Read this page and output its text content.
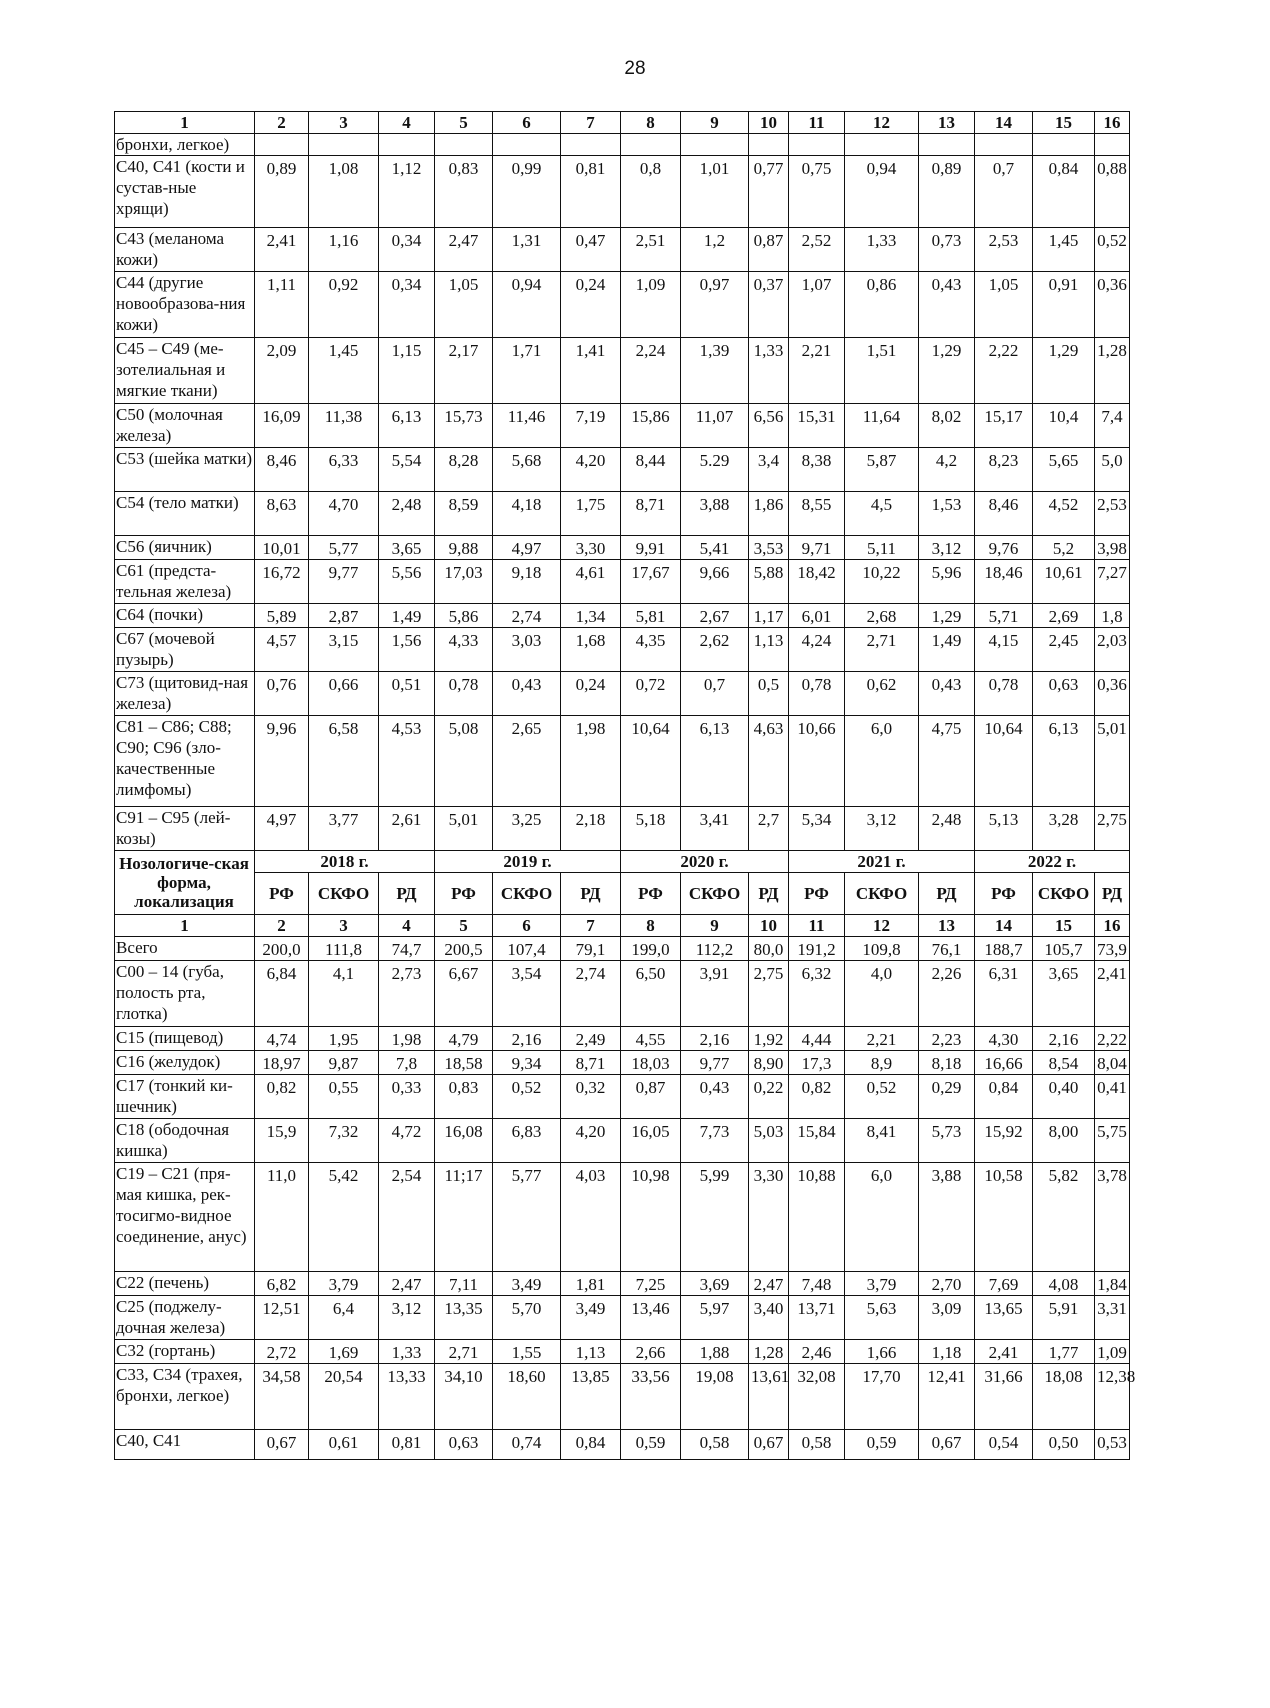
28
1	2	3	4	5	6	7	8	9	10	11	12	13	14	15	16
бронхи, легкое)															
С40, С41 (кости и сустав-ные хрящи)	0,89	1,08	1,12	0,83	0,99	0,81	0,8	1,01	0,77	0,75	0,94	0,89	0,7	0,84	0,88
С43 (меланома кожи)	2,41	1,16	0,34	2,47	1,31	0,47	2,51	1,2	0,87	2,52	1,33	0,73	2,53	1,45	0,52
С44 (другие новообразова-ния кожи)	1,11	0,92	0,34	1,05	0,94	0,24	1,09	0,97	0,37	1,07	0,86	0,43	1,05	0,91	0,36
С45 – С49 (ме-зотелиальная и мягкие ткани)	2,09	1,45	1,15	2,17	1,71	1,41	2,24	1,39	1,33	2,21	1,51	1,29	2,22	1,29	1,28
С50 (молочная железа)	16,09	11,38	6,13	15,73	11,46	7,19	15,86	11,07	6,56	15,31	11,64	8,02	15,17	10,4	7,4
С53 (шейка матки)	8,46	6,33	5,54	8,28	5,68	4,20	8,44	5.29	3,4	8,38	5,87	4,2	8,23	5,65	5,0
С54 (тело матки)	8,63	4,70	2,48	8,59	4,18	1,75	8,71	3,88	1,86	8,55	4,5	1,53	8,46	4,52	2,53
С56 (яичник)	10,01	5,77	3,65	9,88	4,97	3,30	9,91	5,41	3,53	9,71	5,11	3,12	9,76	5,2	3,98
С61 (предста-тельная железа)	16,72	9,77	5,56	17,03	9,18	4,61	17,67	9,66	5,88	18,42	10,22	5,96	18,46	10,61	7,27
С64 (почки)	5,89	2,87	1,49	5,86	2,74	1,34	5,81	2,67	1,17	6,01	2,68	1,29	5,71	2,69	1,8
С67 (мочевой пузырь)	4,57	3,15	1,56	4,33	3,03	1,68	4,35	2,62	1,13	4,24	2,71	1,49	4,15	2,45	2,03
С73 (щитовид-ная железа)	0,76	0,66	0,51	0,78	0,43	0,24	0,72	0,7	0,5	0,78	0,62	0,43	0,78	0,63	0,36
С81 – С86; С88; С90; С96 (зло-качественные лимфомы)	9,96	6,58	4,53	5,08	2,65	1,98	10,64	6,13	4,63	10,66	6,0	4,75	10,64	6,13	5,01
С91 – С95 (лей-козы)	4,97	3,77	2,61	5,01	3,25	2,18	5,18	3,41	2,7	5,34	3,12	2,48	5,13	3,28	2,75
Нозологиче-ская форма, локализация	2018 г.			2019 г.			2020 г.			2021 г.			2022 г.		
	РФ	СКФО	РД	РФ	СКФО	РД	РФ	СКФО	РД	РФ	СКФО	РД	РФ	СКФО	РД
1	2	3	4	5	6	7	8	9	10	11	12	13	14	15	16
Всего	200,0	111,8	74,7	200,5	107,4	79,1	199,0	112,2	80,0	191,2	109,8	76,1	188,7	105,7	73,9
С00 – 14 (губа, полость рта, глотка)	6,84	4,1	2,73	6,67	3,54	2,74	6,50	3,91	2,75	6,32	4,0	2,26	6,31	3,65	2,41
С15 (пищевод)	4,74	1,95	1,98	4,79	2,16	2,49	4,55	2,16	1,92	4,44	2,21	2,23	4,30	2,16	2,22
С16 (желудок)	18,97	9,87	7,8	18,58	9,34	8,71	18,03	9,77	8,90	17,3	8,9	8,18	16,66	8,54	8,04
С17 (тонкий ки-шечник)	0,82	0,55	0,33	0,83	0,52	0,32	0,87	0,43	0,22	0,82	0,52	0,29	0,84	0,40	0,41
С18 (ободочная кишка)	15,9	7,32	4,72	16,08	6,83	4,20	16,05	7,73	5,03	15,84	8,41	5,73	15,92	8,00	5,75
С19 – С21 (пря-мая кишка, рек-тосигмо-видное соединение, анус)	11,0	5,42	2,54	11;17	5,77	4,03	10,98	5,99	3,30	10,88	6,0	3,88	10,58	5,82	3,78
С22 (печень)	6,82	3,79	2,47	7,11	3,49	1,81	7,25	3,69	2,47	7,48	3,79	2,70	7,69	4,08	1,84
С25 (поджелу-дочная железа)	12,51	6,4	3,12	13,35	5,70	3,49	13,46	5,97	3,40	13,71	5,63	3,09	13,65	5,91	3,31
С32 (гортань)	2,72	1,69	1,33	2,71	1,55	1,13	2,66	1,88	1,28	2,46	1,66	1,18	2,41	1,77	1,09
С33, С34 (трахея, бронхи, легкое)	34,58	20,54	13,33	34,10	18,60	13,85	33,56	19,08	13,61	32,08	17,70	12,41	31,66	18,08	12,38
С40, С41	0,67	0,61	0,81	0,63	0,74	0,84	0,59	0,58	0,67	0,58	0,59	0,67	0,54	0,50	0,53
